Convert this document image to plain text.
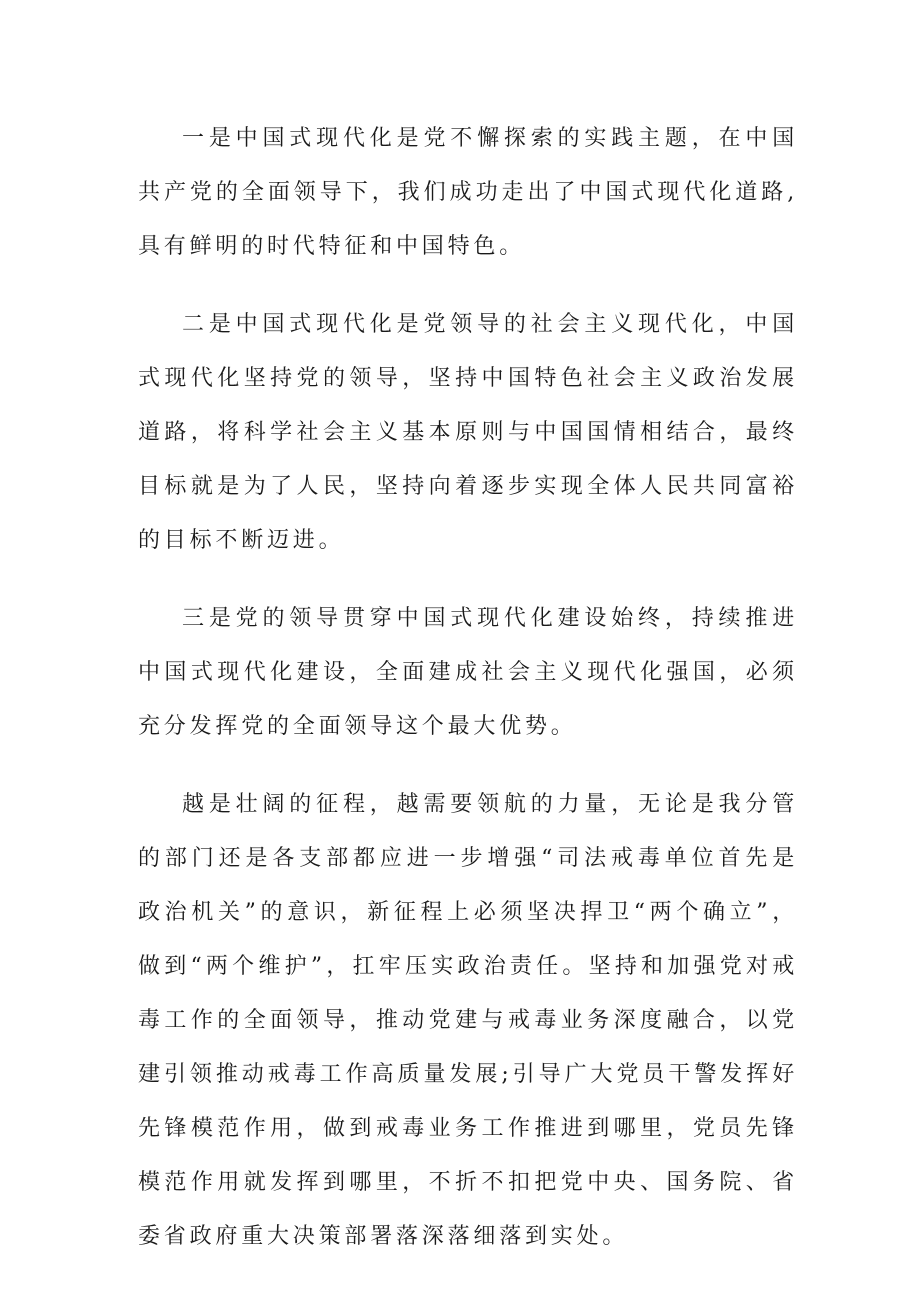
一是中国式现代化是党不懈探索的实践主题，在中国共产党的全面领导下，我们成功走出了中国式现代化道路,具有鲜明的时代特征和中国特色。

二是中国式现代化是党领导的社会主义现代化，中国式现代化坚持党的领导，坚持中国特色社会主义政治发展道路，将科学社会主义基本原则与中国国情相结合，最终目标就是为了人民，坚持向着逐步实现全体人民共同富裕的目标不断迈进。

三是党的领导贯穿中国式现代化建设始终，持续推进中国式现代化建设，全面建成社会主义现代化强国，必须充分发挥党的全面领导这个最大优势。

越是壮阔的征程，越需要领航的力量，无论是我分管的部门还是各支部都应进一步增强“司法戒毒单位首先是政治机关”的意识，新征程上必须坚决捍卫“两个确立”，做到“两个维护”，扛牢压实政治责任。坚持和加强党对戒毒工作的全面领导，推动党建与戒毒业务深度融合，以党建引领推动戒毒工作高质量发展;引导广大党员干警发挥好先锋模范作用，做到戒毒业务工作推进到哪里，党员先锋模范作用就发挥到哪里，不折不扣把党中央、国务院、省委省政府重大决策部署落深落细落到实处。
